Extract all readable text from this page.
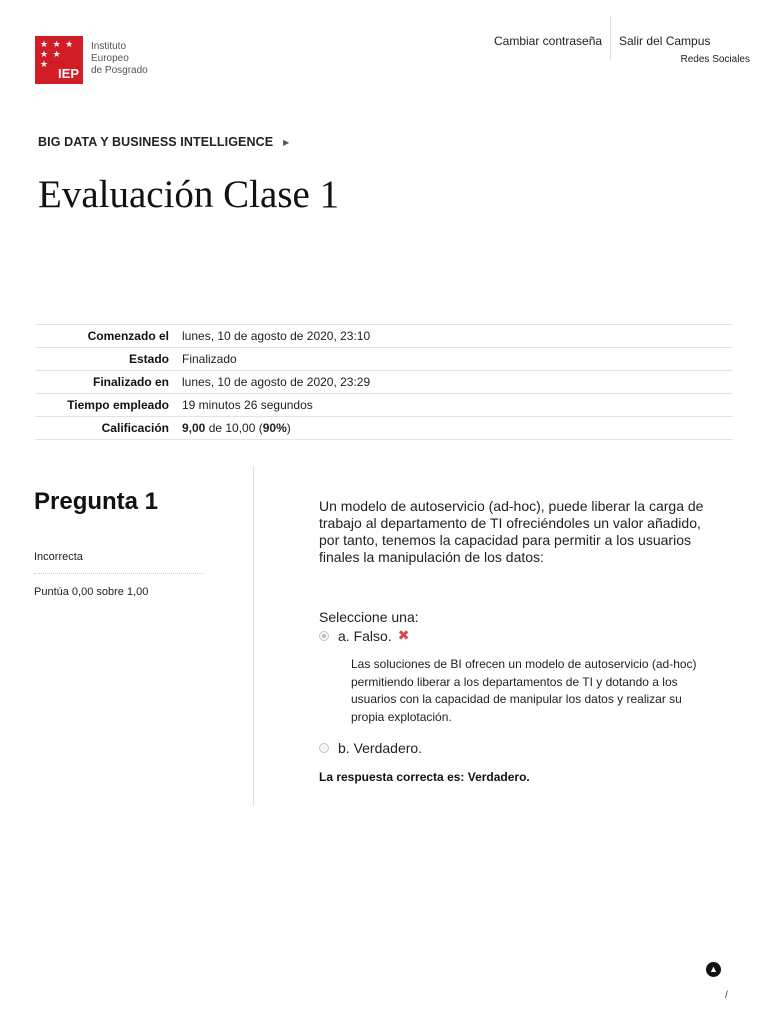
★ ★ ★
★ ★
★
IEP
Instituto
Europeo
de Posgrado
Cambiar contraseña Salir del Campus
Redes Sociales
BIG DATA Y BUSINESS INTELLIGENCE ▶
Evaluación Clase 1
Comenzado el	lunes, 10 de agosto de 2020, 23:10
Estado	Finalizado
Finalizado en	lunes, 10 de agosto de 2020, 23:29
Tiempo empleado	19 minutos 26 segundos
Calificación	9,00 de 10,00 (90%)
Pregunta 1
Incorrecta
Puntúa 0,00 sobre 1,00

Un modelo de autoservicio (ad-hoc), puede liberar la carga de trabajo al departamento de TI ofreciéndoles un valor añadido, por tanto, tenemos la capacidad para permitir a los usuarios finales la manipulación de los datos:

Seleccione una:
a. Falso. ✖
Las soluciones de BI ofrecen un modelo de autoservicio (ad-hoc) permitiendo liberar a los departamentos de TI y dotando a los usuarios con la capacidad de manipular los datos y realizar su propia explotación.
b. Verdadero.
La respuesta correcta es: Verdadero.
▲
/
